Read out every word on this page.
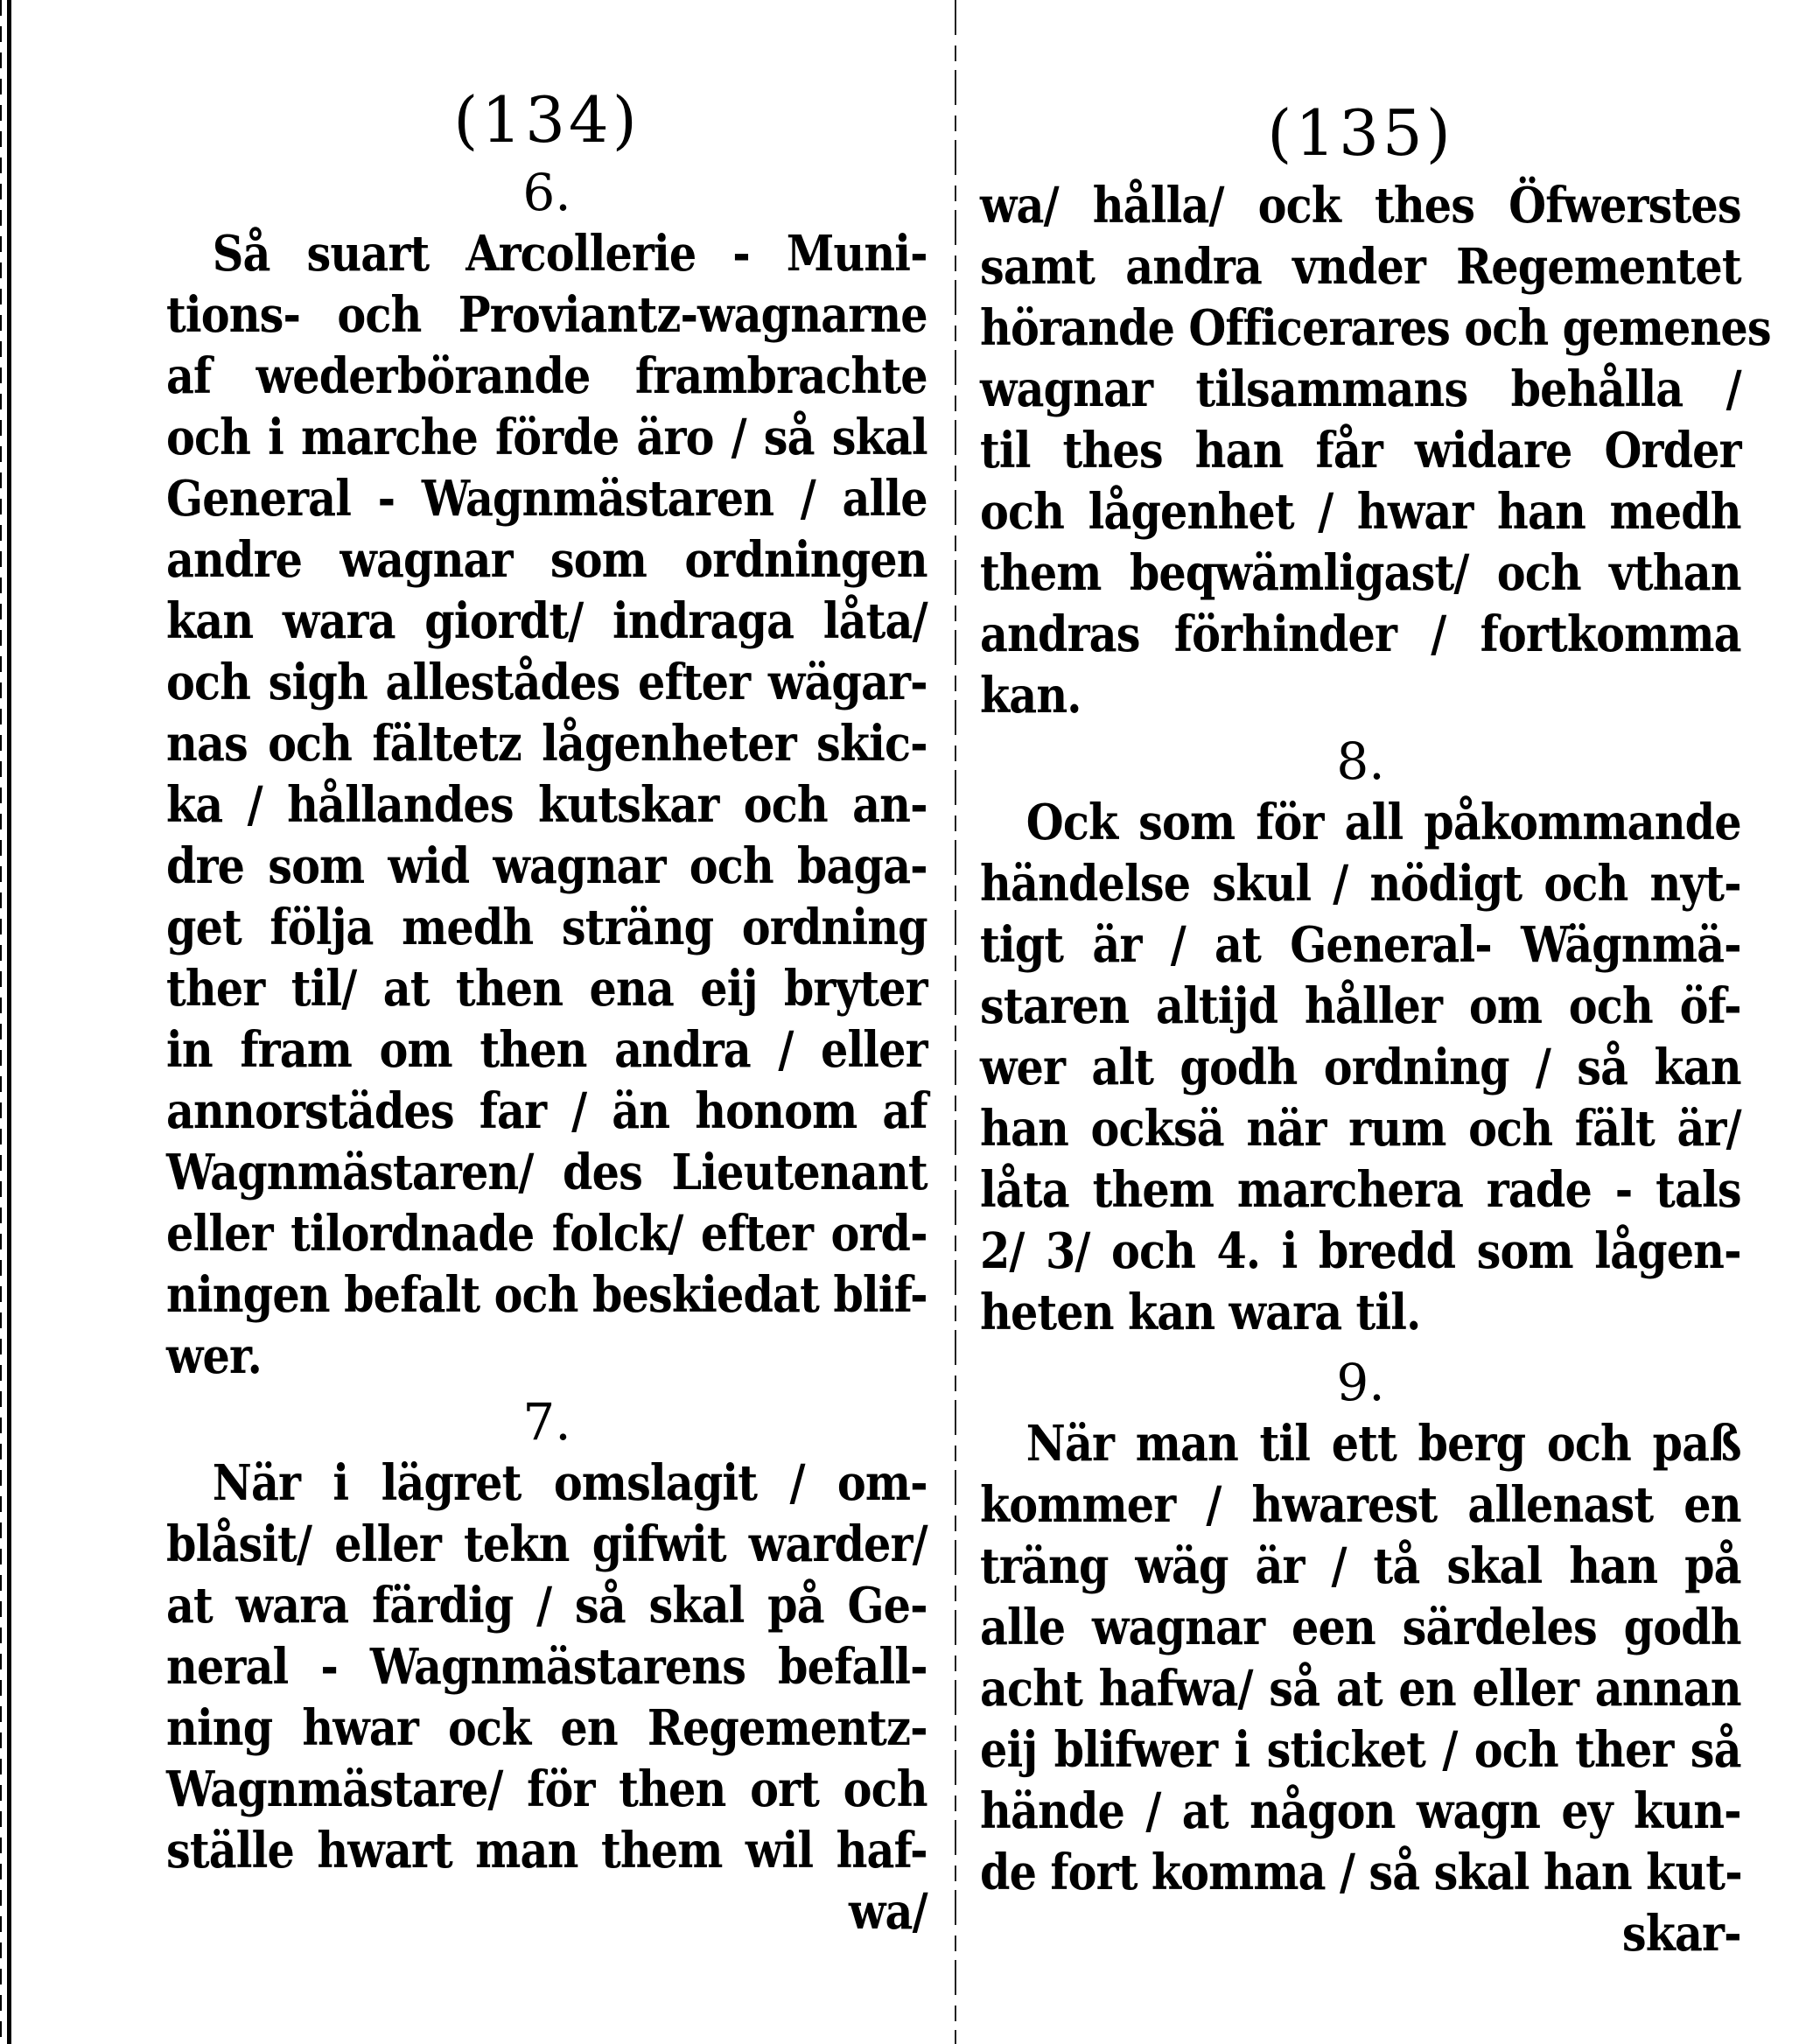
(134)
6.
Så suart Arcollerie - Muni-
tions- och Proviantz-wagnarne
af wederbörande frambrachte
och i marche förde äro / så skal
General - Wagnmästaren / alle
andre wagnar som ordningen
kan wara giordt/ indraga låta/
och sigh allestådes efter wägar-
nas och fältetz lågenheter skic-
ka / hållandes kutskar och an-
dre som wid wagnar och baga-
get följa medh sträng ordning
ther til/ at then ena eij bryter
in fram om then andra / eller
annorstädes far / än honom af
Wagnmästaren/ des Lieutenant
eller tilordnade folck/ efter ord-
ningen befalt och beskiedat blif-
wer.
7.
När i lägret omslagit / om-
blåsit/ eller tekn gifwit warder/
at wara färdig / så skal på Ge-
neral - Wagnmästarens befall-
ning hwar ock en Regementz-
Wagnmästare/ för then ort och
ställe hwart man them wil haf-
wa/
(135)
wa/ hålla/ ock thes Öfwerstes
samt andra vnder Regementet
hörande Officerares och gemenes
wagnar tilsammans behålla /
til thes han får widare Order
och lågenhet / hwar han medh
them beqwämligast/ och vthan
andras förhinder / fortkomma
kan.
8.
Ock som för all påkommande
händelse skul / nödigt och nyt-
tigt är / at General- Wägnmä-
staren altijd håller om och öf-
wer alt godh ordning / så kan
han ocksä när rum och fält är/
låta them marchera rade - tals
2/ 3/ och 4. i bredd som lågen-
heten kan wara til.
9.
När man til ett berg och paß
kommer / hwarest allenast en
träng wäg är / tå skal han på
alle wagnar een särdeles godh
acht hafwa/ så at en eller annan
eij blifwer i sticket / och ther så
hände / at någon wagn ey kun-
de fort komma / så skal han kut-
skar-
